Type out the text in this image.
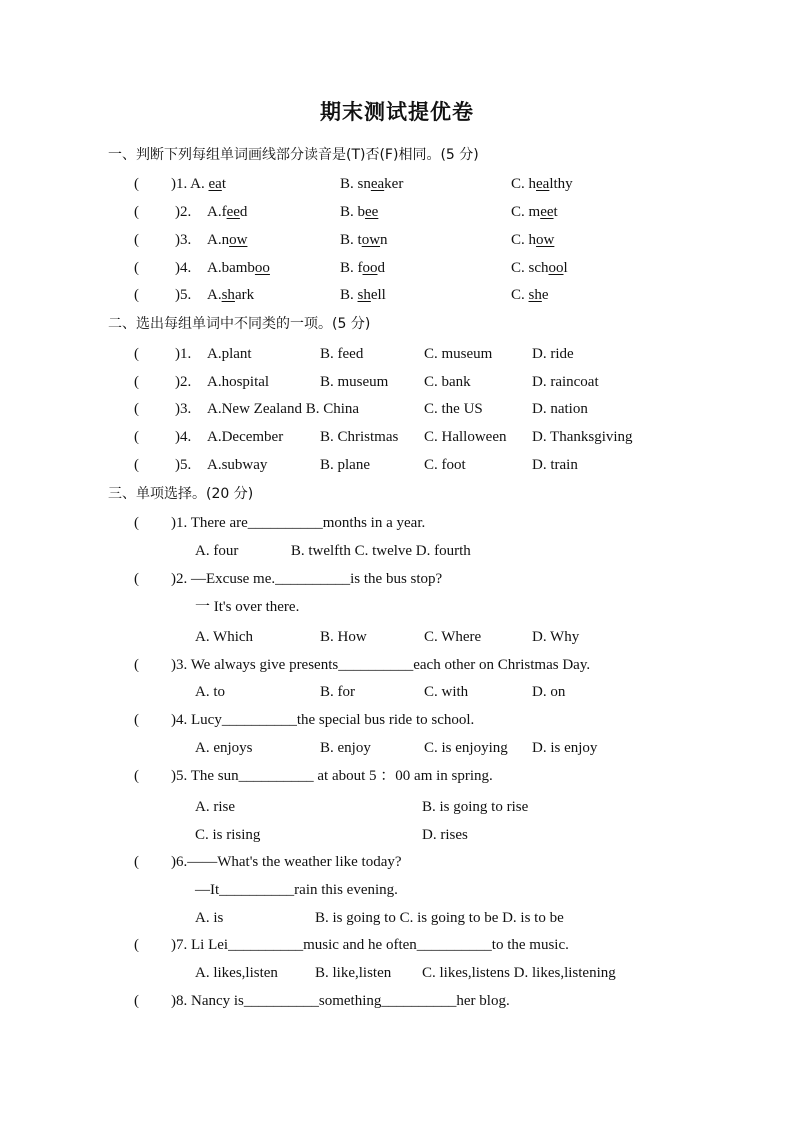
期末测试提优卷
一、判断下列每组单词画线部分读音是(T)否(F)相同。(5 分)
( )1. A. eat	B. sneaker	C. healthy
( )2. A.feed	B. bee	C. meet
( )3. A.now	B. town	C. how
( )4. A.bamboo	B. food	C. school
( )5. A.shark	B. shell	C. she
二、选出每组单词中不同类的一项。(5 分)
( )1. A.plant	B. feed	C. museum	D. ride
( )2. A.hospital	B. museum C. bank	D. raincoat
( )3. A.New Zealand B. China	C. the US	D. nation
( )4. A.December B. Christmas C. Halloween D. Thanksgiving
( )5. A.subway	B. plane	C. foot	D. train
三、单项选择。(20 分)
( )1. There are__________months in a year.
A. four              B. twelfth C. twelve D. fourth
( )2. —Excuse me.__________is the bus stop?
一 It's over there.
A. Which	B. How	C. Where	D. Why
( )3. We always give presents__________each other on Christmas Day.
A. to	B. for	C. with	D. on
( )4. Lucy__________the special bus ride to school.
A. enjoys	B. enjoy	C. is enjoying D. is enjoy
( )5. The sun__________ at about 5 ：00 am in spring.
A. rise	B. is going to rise
C. is rising	D. rises
( )6.——What's the weather like today?
—It__________rain this evening.
A. is	B. is going to C. is going to be D. is to be
( )7. Li Lei__________music and he often__________to the music.
A. likes,listen B. like,listen C. likes,listens D. likes,listening
( )8. Nancy is__________something__________her blog.
